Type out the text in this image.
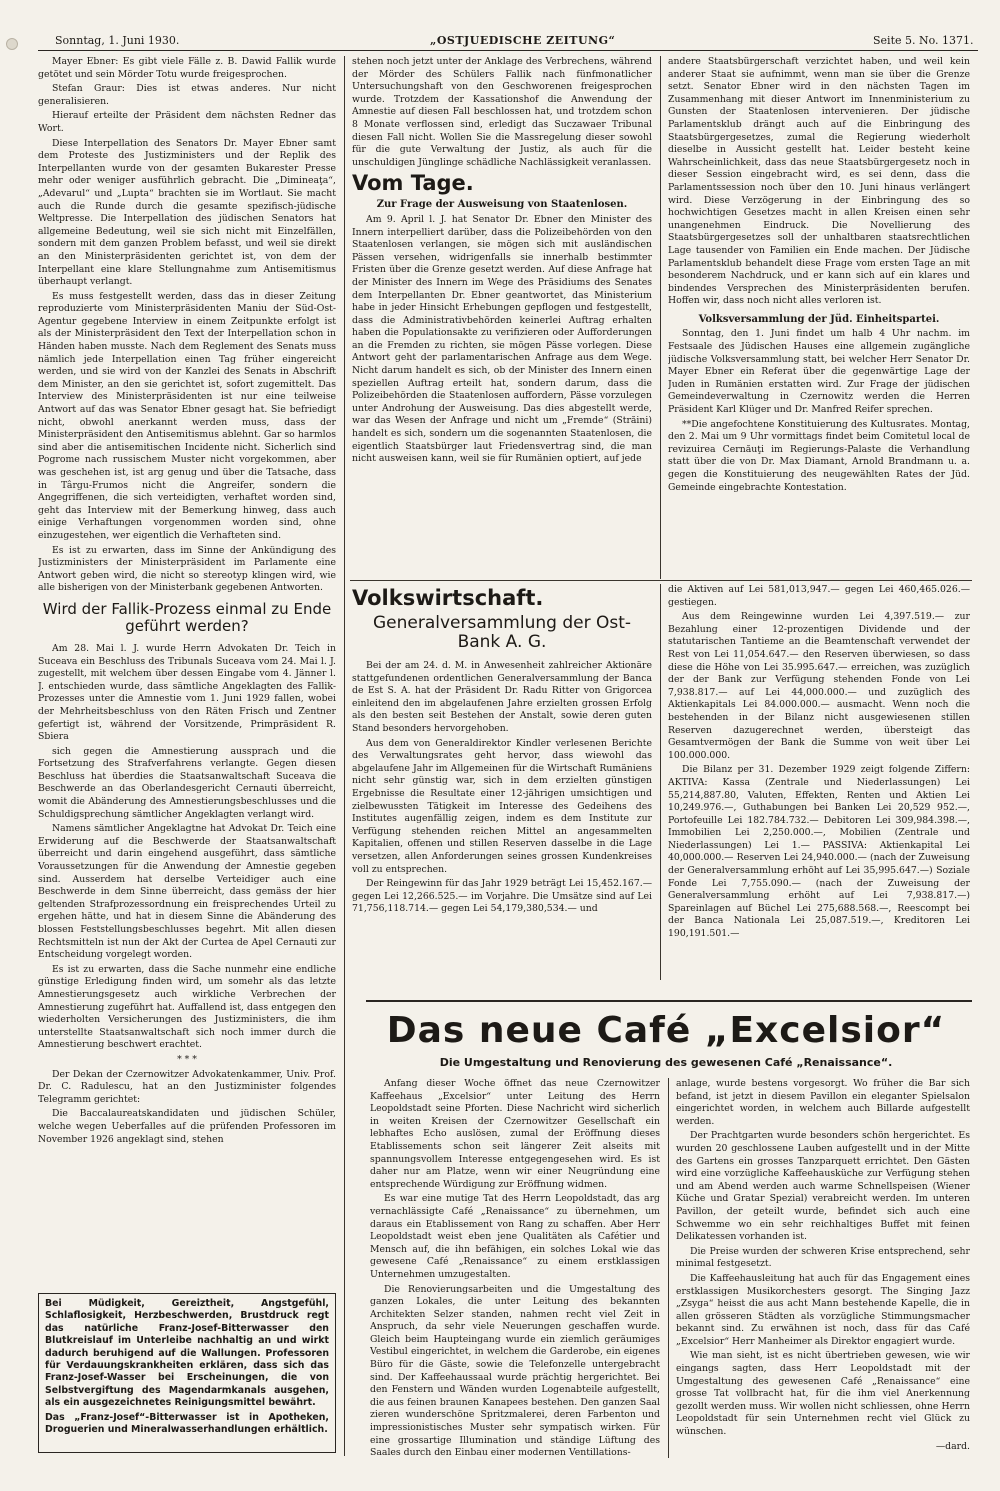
Sonntag, 1. Juni 1930.	„OSTJUEDISCHE ZEITUNG“	Seite 5. No. 1371.

Mayer Ebner: Es gibt viele Fälle z. B. Dawid Fallik wurde getötet und sein Mörder Totu wurde freigesprochen.

Stefan Graur: Dies ist etwas anderes. Nur nicht generalisieren.

Hierauf erteilte der Präsident dem nächsten Redner das Wort.

Diese Interpellation des Senators Dr. Mayer Ebner samt dem Proteste des Justizministers und der Replik des Interpellanten wurde von der gesamten Bukarester Presse mehr oder weniger ausführlich gebracht. Die „Dimineaţa“, „Adevarul“ und „Lupta“ brachten sie im Wortlaut. Sie macht auch die Runde durch die gesamte spezifisch-jüdische Weltpresse. Die Interpellation des jüdischen Senators hat allgemeine Bedeutung, weil sie sich nicht mit Einzelfällen, sondern mit dem ganzen Problem befasst, und weil sie direkt an den Ministerpräsidenten gerichtet ist, von dem der Interpellant eine klare Stellungnahme zum Antisemitismus überhaupt verlangt.

Es muss festgestellt werden, dass das in dieser Zeitung reproduzierte vom Ministerpräsidenten Maniu der Süd-Ost-Agentur gegebene Interview in einem Zeitpunkte erfolgt ist als der Ministerpräsident den Text der Interpellation schon in Händen haben musste. Nach dem Reglement des Senats muss nämlich jede Interpellation einen Tag früher eingereicht werden, und sie wird von der Kanzlei des Senats in Abschrift dem Minister, an den sie gerichtet ist, sofort zugemittelt. Das Interview des Ministerpräsidenten ist nur eine teilweise Antwort auf das was Senator Ebner gesagt hat. Sie befriedigt nicht, obwohl anerkannt werden muss, dass der Ministerpräsident den Antisemitismus ablehnt. Gar so harmlos sind aber die antisemitischen Incidente nicht. Sicherlich sind Pogrome nach russischem Muster nicht vorgekommen, aber was geschehen ist, ist arg genug und über die Tatsache, dass in Târgu-Frumos nicht die Angreifer, sondern die Angegriffenen, die sich verteidigten, verhaftet worden sind, geht das Interview mit der Bemerkung hinweg, dass auch einige Verhaftungen vorgenommen worden sind, ohne einzugestehen, wer eigentlich die Verhafteten sind.

Es ist zu erwarten, dass im Sinne der Ankündigung des Justizministers der Ministerpräsident im Parlamente eine Antwort geben wird, die nicht so stereotyp klingen wird, wie alle bisherigen von der Ministerbank gegebenen Antworten.

Wird der Fallik-Prozess einmal zu Ende geführt werden?

Am 28. Mai l. J. wurde Herrn Advokaten Dr. Teich in Suceava ein Beschluss des Tribunals Suceava vom 24. Mai l. J. zugestellt, mit welchem über dessen Eingabe vom 4. Jänner l. J. entschieden wurde, dass sämtliche Angeklagten des Fallik-Prozesses unter die Amnestie vom 1. Juni 1929 fallen, wobei der Mehrheitsbeschluss von den Räten Frisch und Zentner gefertigt ist, während der Vorsitzende, Primpräsident R. Sbiera

sich gegen die Amnestierung aussprach und die Fortsetzung des Strafverfahrens verlangte. Gegen diesen Beschluss hat überdies die Staatsanwaltschaft Suceava die Beschwerde an das Oberlandesgericht Cernauti überreicht, womit die Abänderung des Amnestierungsbeschlusses und die Schuldigsprechung sämtlicher Angeklagten verlangt wird.

Namens sämtlicher Angeklagtne hat Advokat Dr. Teich eine Erwiderung auf die Beschwerde der Staatsanwaltschaft überreicht und darin eingehend ausgeführt, dass sämtliche Voraussetzungen für die Anwendung der Amnestie gegeben sind. Ausserdem hat derselbe Verteidiger auch eine Beschwerde in dem Sinne überreicht, dass gemäss der hier geltenden Strafprozessordnung ein freisprechendes Urteil zu ergehen hätte, und hat in diesem Sinne die Abänderung des blossen Feststellungsbeschlusses begehrt. Mit allen diesen Rechtsmitteln ist nun der Akt der Curtea de Apel Cernauti zur Entscheidung vorgelegt worden.

Es ist zu erwarten, dass die Sache nunmehr eine endliche günstige Erledigung finden wird, um somehr als das letzte Amnestierungsgesetz auch wirkliche Verbrechen der Amnestierung zugeführt hat. Auffallend ist, dass entgegen den wiederholten Versicherungen des Justizministers, die ihm unterstellte Staatsanwaltschaft sich noch immer durch die Amnestierung beschwert erachtet.

* * *

Der Dekan der Czernowitzer Advokatenkammer, Univ. Prof. Dr. C. Radulescu, hat an den Justizminister folgendes Telegramm gerichtet:

Die Baccalaureatskandidaten und jüdischen Schüler, welche wegen Ueberfalles auf die prüfenden Professoren im November 1926 angeklagt sind, stehen

Bei Müdigkeit, Gereiztheit, Angstgefühl, Schlaflosigkeit, Herzbeschwerden, Brustdruck regt das natürliche Franz-Josef-Bitterwasser den Blutkreislauf im Unterleibe nachhaltig an und wirkt dadurch beruhigend auf die Wallungen. Professoren für Verdauungskrankheiten erklären, dass sich das Franz-Josef-Wasser bei Erscheinungen, die von Selbstvergiftung des Magendarmkanals ausgehen, als ein ausgezeichnetes Reinigungsmittel bewährt.

Das „Franz-Josef“-Bitterwasser ist in Apotheken, Droguerien und Mineralwasserhandlungen erhältlich.

stehen noch jetzt unter der Anklage des Verbrechens, während der Mörder des Schülers Fallik nach fünfmonatlicher Untersuchungshaft von den Geschworenen freigesprochen wurde. Trotzdem der Kassationshof die Anwendung der Amnestie auf diesen Fall beschlossen hat, und trotzdem schon 8 Monate verflossen sind, erledigt das Suczawaer Tribunal diesen Fall nicht. Wollen Sie die Massregelung dieser sowohl für die gute Verwaltung der Justiz, als auch für die unschuldigen Jünglinge schädliche Nachlässigkeit veranlassen.

Vom Tage.
Zur Frage der Ausweisung von Staatenlosen.

Am 9. April l. J. hat Senator Dr. Ebner den Minister des Innern interpelliert darüber, dass die Polizeibehörden von den Staatenlosen verlangen, sie mögen sich mit ausländischen Pässen versehen, widrigenfalls sie innerhalb bestimmter Fristen über die Grenze gesetzt werden. Auf diese Anfrage hat der Minister des Innern im Wege des Präsidiums des Senates dem Interpellanten Dr. Ebner geantwortet, das Ministerium habe in jeder Hinsicht Erhebungen gepflogen und festgestellt, dass die Administrativbehörden keinerlei Auftrag erhalten haben die Populationsakte zu verifizieren oder Aufforderungen an die Fremden zu richten, sie mögen Pässe vorlegen. Diese Antwort geht der parlamentarischen Anfrage aus dem Wege. Nicht darum handelt es sich, ob der Minister des Innern einen speziellen Auftrag erteilt hat, sondern darum, dass die Polizeibehörden die Staatenlosen auffordern, Pässe vorzulegen unter Androhung der Ausweisung. Das dies abgestellt werde, war das Wesen der Anfrage und nicht um „Fremde“ (Străini) handelt es sich, sondern um die sogenannten Staatenlosen, die eigentlich Staatsbürger laut Friedensvertrag sind, die man nicht ausweisen kann, weil sie für Rumänien optiert, auf jede

andere Staatsbürgerschaft verzichtet haben, und weil kein anderer Staat sie aufnimmt, wenn man sie über die Grenze setzt. Senator Ebner wird in den nächsten Tagen im Zusammenhang mit dieser Antwort im Innenministerium zu Gunsten der Staatenlosen intervenieren. Der jüdische Parlamentsklub drängt auch auf die Einbringung des Staatsbürgergesetzes, zumal die Regierung wiederholt dieselbe in Aussicht gestellt hat. Leider besteht keine Wahrscheinlichkeit, dass das neue Staatsbürgergesetz noch in dieser Session eingebracht wird, es sei denn, dass die Parlamentssession noch über den 10. Juni hinaus verlängert wird. Diese Verzögerung in der Einbringung des so hochwichtigen Gesetzes macht in allen Kreisen einen sehr unangenehmen Eindruck. Die Novellierung des Staatsbürgergesetzes soll der unhaltbaren staatsrechtlichen Lage tausender von Familien ein Ende machen. Der Jüdische Parlamentsklub behandelt diese Frage vom ersten Tage an mit besonderem Nachdruck, und er kann sich auf ein klares und bindendes Versprechen des Ministerpräsidenten berufen. Hoffen wir, dass noch nicht alles verloren ist.

Volksversammlung der Jüd. Einheitspartei.

Sonntag, den 1. Juni findet um halb 4 Uhr nachm. im Festsaale des Jüdischen Hauses eine allgemein zugängliche jüdische Volksversammlung statt, bei welcher Herr Senator Dr. Mayer Ebner ein Referat über die gegenwärtige Lage der Juden in Rumänien erstatten wird. Zur Frage der jüdischen Gemeindeverwaltung in Czernowitz werden die Herren Präsident Karl Klüger und Dr. Manfred Reifer sprechen.

**Die angefochtene Konstituierung des Kultusrates. Montag, den 2. Mai um 9 Uhr vormittags findet beim Comitetul local de revizuirea Cernăuţi im Regierungs-Palaste die Verhandlung statt über die von Dr. Max Diamant, Arnold Brandmann u. a. gegen die Konstituierung des neugewählten Rates der Jüd. Gemeinde eingebrachte Kontestation.

Volkswirtschaft.
Generalversammlung der Ost-Bank A. G.

Bei der am 24. d. M. in Anwesenheit zahlreicher Aktionäre stattgefundenen ordentlichen Generalversammlung der Banca de Est S. A. hat der Präsident Dr. Radu Ritter von Grigorcea einleitend den im abgelaufenen Jahre erzielten grossen Erfolg als den besten seit Bestehen der Anstalt, sowie deren guten Stand besonders hervorgehoben.

Aus dem von Generaldirektor Kindler verlesenen Berichte des Verwaltungsrates geht hervor, dass wiewohl das abgelaufene Jahr im Allgemeinen für die Wirtschaft Rumäniens nicht sehr günstig war, sich in dem erzielten günstigen Ergebnisse die Resultate einer 12-jährigen umsichtigen und zielbewussten Tätigkeit im Interesse des Gedeihens des Institutes augenfällig zeigen, indem es dem Institute zur Verfügung stehenden reichen Mittel an angesammelten Kapitalien, offenen und stillen Reserven dasselbe in die Lage versetzen, allen Anforderungen seines grossen Kundenkreises voll zu entsprechen.

Der Reingewinn für das Jahr 1929 beträgt Lei 15,452.167.— gegen Lei 12,266.525.— im Vorjahre. Die Umsätze sind auf Lei 71,756,118.714.— gegen Lei 54,179,380,534.— und

die Aktiven auf Lei 581,013,947.— gegen Lei 460,465.026.— gestiegen.

Aus dem Reingewinne wurden Lei 4,397.519.— zur Bezahlung einer 12-prozentigen Dividende und der statutarischen Tantieme an die Beamtenschaft verwendet der Rest von Lei 11,054.647.— den Reserven überwiesen, so dass diese die Höhe von Lei 35.995.647.— erreichen, was zuzüglich der der Bank zur Verfügung stehenden Fonde von Lei 7,938.817.— auf Lei 44,000.000.— und zuzüglich des Aktienkapitals Lei 84.000.000.— ausmacht. Wenn noch die bestehenden in der Bilanz nicht ausgewiesenen stillen Reserven dazugerechnet werden, übersteigt das Gesamtvermögen der Bank die Summe von weit über Lei 100.000.000.

Die Bilanz per 31. Dezember 1929 zeigt folgende Ziffern: AKTIVA: Kassa (Zentrale und Niederlassungen) Lei 55,214,887.80, Valuten, Effekten, Renten und Aktien Lei 10,249.976.—, Guthabungen bei Banken Lei 20,529 952.—, Portofeuille Lei 182.784.732.— Debitoren Lei 309,984.398.—, Immobilien Lei 2,250.000.—, Mobilien (Zentrale und Niederlassungen) Lei 1.— PASSIVA: Aktienkapital Lei 40,000.000.— Reserven Lei 24,940.000.— (nach der Zuweisung der Generalversammlung erhöht auf Lei 35,995.647.—) Soziale Fonde Lei 7,755.090.— (nach der Zuweisung der Generalversammlung erhöht auf Lei 7,938.817.—) Spareinlagen auf Büchel Lei 275,688.568.—, Reescompt bei der Banca Nationala Lei 25,087.519.—, Kreditoren Lei 190,191.501.—

Das neue Café „Excelsior“
Die Umgestaltung und Renovierung des gewesenen Café „Renaissance“.

Anfang dieser Woche öffnet das neue Czernowitzer Kaffeehaus „Excelsior“ unter Leitung des Herrn Leopoldstadt seine Pforten. Diese Nachricht wird sicherlich in weiten Kreisen der Czernowitzer Gesellschaft ein lebhaftes Echo auslösen, zumal der Eröffnung dieses Etablissements schon seit längerer Zeit alseits mit spannungsvollem Interesse entgegengesehen wird. Es ist daher nur am Platze, wenn wir einer Neugründung eine entsprechende Würdigung zur Eröffnung widmen.

Es war eine mutige Tat des Herrn Leopoldstadt, das arg vernachlässigte Café „Renaissance“ zu übernehmen, um daraus ein Etablissement von Rang zu schaffen. Aber Herr Leopoldstadt weist eben jene Qualitäten als Cafétier und Mensch auf, die ihn befähigen, ein solches Lokal wie das gewesene Café „Renaissance“ zu einem erstklassigen Unternehmen umzugestalten.

Die Renovierungsarbeiten und die Umgestaltung des ganzen Lokales, die unter Leitung des bekannten Architekten Selzer standen, nahmen recht viel Zeit in Anspruch, da sehr viele Neuerungen geschaffen wurde. Gleich beim Haupteingang wurde ein ziemlich geräumiges Vestibul eingerichtet, in welchem die Garderobe, ein eigenes Büro für die Gäste, sowie die Telefonzelle untergebracht sind. Der Kaffeehaussaal wurde prächtig hergerichtet. Bei den Fenstern und Wänden wurden Logenabteile aufgestellt, die aus feinen braunen Kanapees bestehen. Den ganzen Saal zieren wunderschöne Spritzmalerei, deren Farbenton und impressionistisches Muster sehr sympatisch wirken. Für eine grossartige Illumination und ständige Lüftung des Saales durch den Einbau einer modernen Ventillations-

anlage, wurde bestens vorgesorgt. Wo früher die Bar sich befand, ist jetzt in diesem Pavillon ein eleganter Spielsalon eingerichtet worden, in welchem auch Billarde aufgestellt werden.

Der Prachtgarten wurde besonders schön hergerichtet. Es wurden 20 geschlossene Lauben aufgestellt und in der Mitte des Gartens ein grosses Tanzparquett errichtet. Den Gästen wird eine vorzügliche Kaffeehausküche zur Verfügung stehen und am Abend werden auch warme Schnellspeisen (Wiener Küche und Gratar Spezial) verabreicht werden. Im unteren Pavillon, der geteilt wurde, befindet sich auch eine Schwemme wo ein sehr reichhaltiges Buffet mit feinen Delikatessen vorhanden ist.

Die Preise wurden der schweren Krise entsprechend, sehr minimal festgesetzt.

Die Kaffeehausleitung hat auch für das Engagement eines erstklassigen Musikorchesters gesorgt. The Singing Jazz „Zsyga“ heisst die aus acht Mann bestehende Kapelle, die in allen grösseren Städten als vorzügliche Stimmungsmacher bekannt sind. Zu erwähnen ist noch, dass für das Café „Excelsior“ Herr Manheimer als Direktor engagiert wurde.

Wie man sieht, ist es nicht übertrieben gewesen, wie wir eingangs sagten, dass Herr Leopoldstadt mit der Umgestaltung des gewesenen Café „Renaissance“ eine grosse Tat vollbracht hat, für die ihm viel Anerkennung gezollt werden muss. Wir wollen nicht schliessen, ohne Herrn Leopoldstadt für sein Unternehmen recht viel Glück zu wünschen.

—dard.
